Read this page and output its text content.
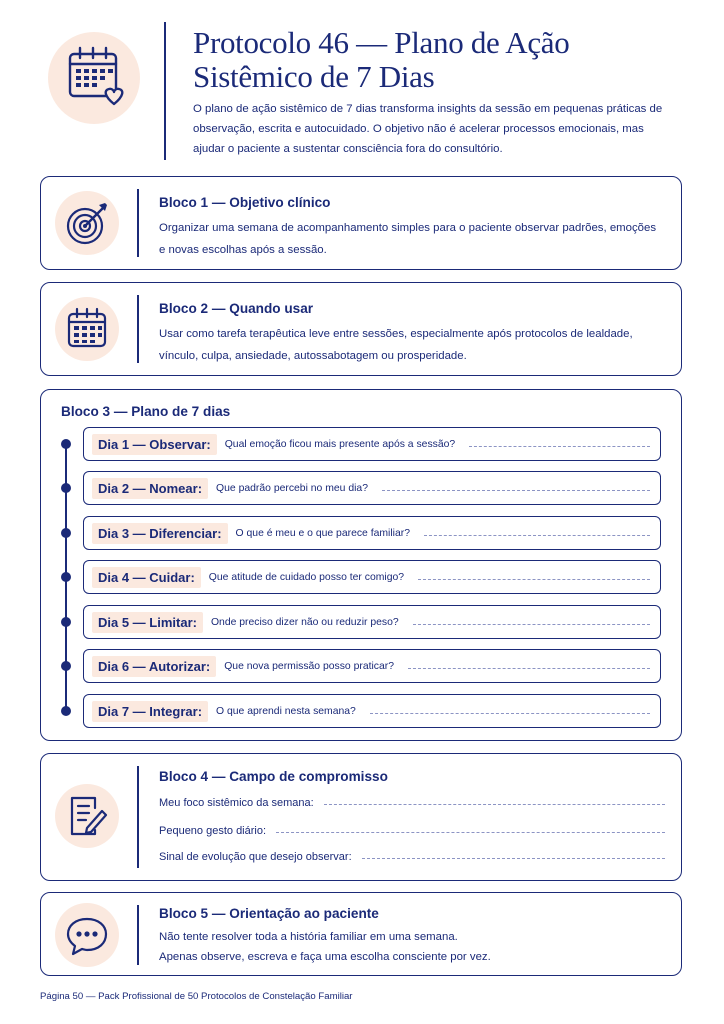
Protocolo 46 — Plano de Ação
Sistêmico de 7 Dias

O plano de ação sistêmico de 7 dias transforma insights da sessão em pequenas práticas de observação, escrita e autocuidado. O objetivo não é acelerar processos emocionais, mas ajudar o paciente a sustentar consciência fora do consultório.

Bloco 1 — Objetivo clínico
Organizar uma semana de acompanhamento simples para o paciente observar padrões, emoções e novas escolhas após a sessão.
Bloco 2 — Quando usar
Usar como tarefa terapêutica leve entre sessões, especialmente após protocolos de lealdade, vínculo, culpa, ansiedade, autossabotagem ou prosperidade.
Bloco 3 — Plano de 7 dias
Dia 1 — Observar:	Qual emoção ficou mais presente após a sessão?
Dia 2 — Nomear:	Que padrão percebi no meu dia?
Dia 3 — Diferenciar:	O que é meu e o que parece familiar?
Dia 4 — Cuidar:	Que atitude de cuidado posso ter comigo?
Dia 5 — Limitar:	Onde preciso dizer não ou reduzir peso?
Dia 6 — Autorizar:	Que nova permissão posso praticar?
Dia 7 — Integrar:	O que aprendi nesta semana?
Bloco 4 — Campo de compromisso
Meu foco sistêmico da semana:
Pequeno gesto diário:
Sinal de evolução que desejo observar:
Bloco 5 — Orientação ao paciente
Não tente resolver toda a história familiar em uma semana.
Apenas observe, escreva e faça uma escolha consciente por vez.
Página 50 — Pack Profissional de 50 Protocolos de Constelação Familiar
